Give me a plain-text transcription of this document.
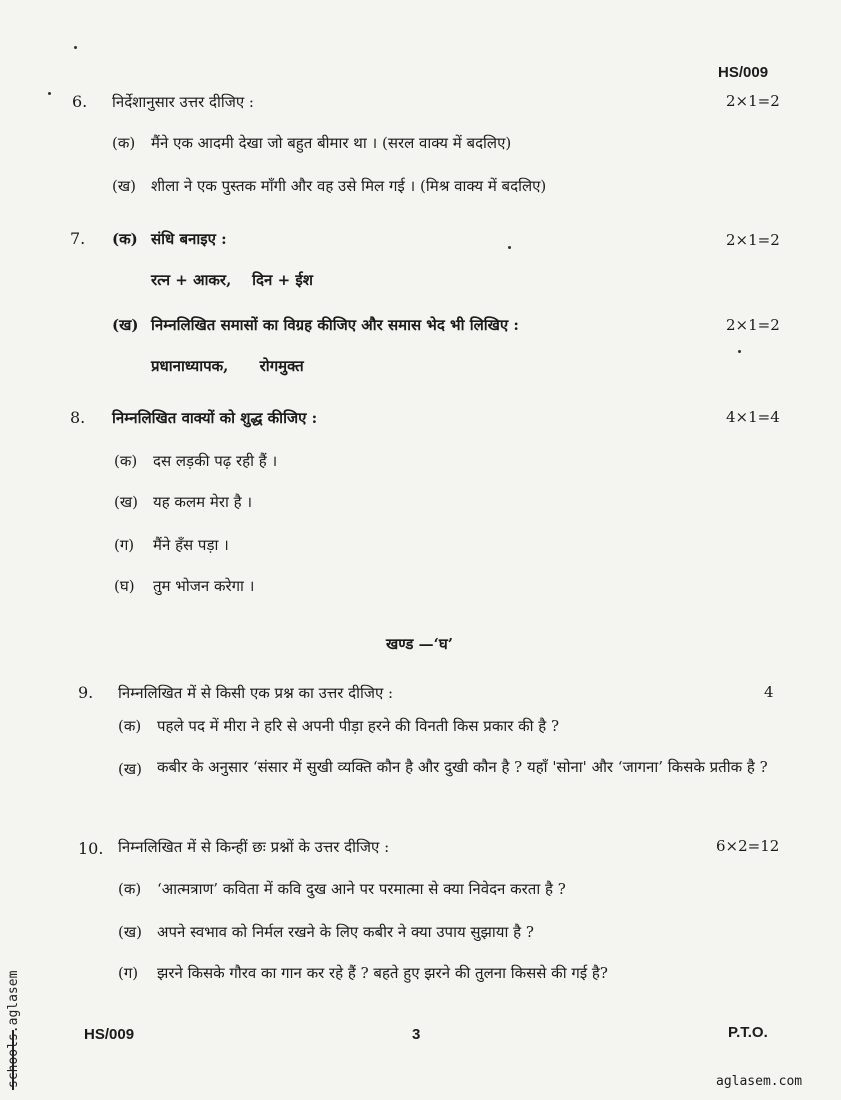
HS/009
6. निर्देशानुसार उत्तर दीजिए :	2×1=2
(क) मैंने एक आदमी देखा जो बहुत बीमार था । (सरल वाक्य में बदलिए)
(ख) शीला ने एक पुस्तक माँगी और वह उसे मिल गई । (मिश्र वाक्य में बदलिए)
7. (क) संधि बनाइए :	2×1=2
रत्न + आकर,    दिन + ईश
(ख) निम्नलिखित समासों का विग्रह कीजिए और समास भेद भी लिखिए :	2×1=2
प्रधानाध्यापक,      रोगमुक्त
8. निम्नलिखित वाक्यों को शुद्ध कीजिए :	4×1=4
(क) दस लड़की पढ़ रही हैं ।
(ख) यह कलम मेरा है ।
(ग) मैंने हँस पड़ा ।
(घ) तुम भोजन करेगा ।
खण्ड —‘घ’
9. निम्नलिखित में से किसी एक प्रश्न का उत्तर दीजिए :	4
(क) पहले पद में मीरा ने हरि से अपनी पीड़ा हरने की विनती किस प्रकार की है ?
(ख) कबीर के अनुसार ‘संसार में सुखी व्यक्ति कौन है और दुखी कौन है ? यहाँ 'सोना' और ‘जागना’ किसके प्रतीक है ?
10. निम्नलिखित में से किन्हीं छः प्रश्नों के उत्तर दीजिए :	6×2=12
(क) ‘आत्मत्राण’ कविता में कवि दुख आने पर परमात्मा से क्या निवेदन करता है ?
(ख) अपने स्वभाव को निर्मल रखने के लिए कबीर ने क्या उपाय सुझाया है ?
(ग) झरने किसके गौरव का गान कर रहे हैं ? बहते हुए झरने की तुलना किससे की गई है?
HS/009	3	P.T.O.
schools.aglasem	aglasem.com
